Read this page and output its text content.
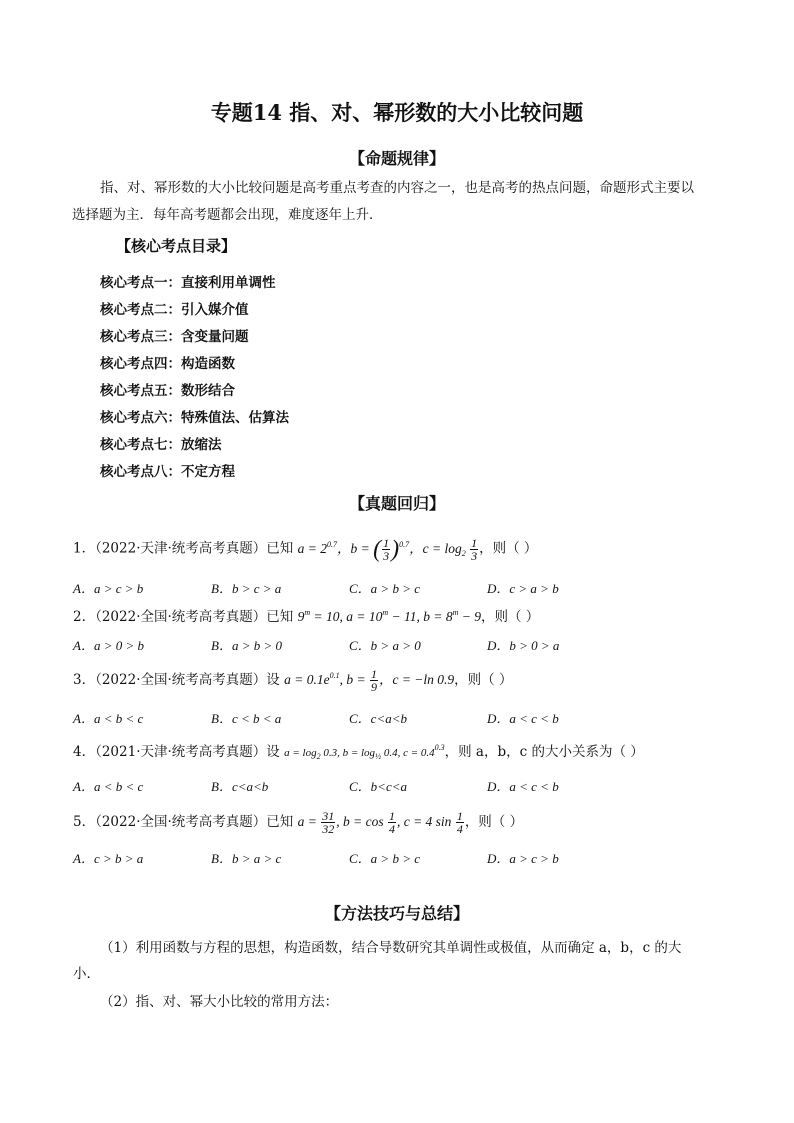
专题14 指、对、幂形数的大小比较问题
【命题规律】
指、对、幂形数的大小比较问题是高考重点考查的内容之一，也是高考的热点问题，命题形式主要以
选择题为主．每年高考题都会出现，难度逐年上升．
【核心考点目录】
核心考点一：直接利用单调性
核心考点二：引入媒介值
核心考点三：含变量问题
核心考点四：构造函数
核心考点五：数形结合
核心考点六：特殊值法、估算法
核心考点七：放缩法
核心考点八：不定方程
【真题回归】
1．（2022·天津·统考高考真题）已知 $a = 2^{0.7}$，b = ( $\frac{1}{3} )^{0.7}$，$c = \log_2 \frac{1}{3}$ ，则（ ）
A．a > c > b	B．b > c > a	C．a > b > c	D．c > a > b
2．（2022·全国·统考高考真题）已知 $9^m = 10$, $a = 10^m - 11$, $b = 8^m - 9$，则（ ）
A．a > 0 > b	B．a > b > 0	C．b > a > 0	D．b > 0 > a
3．（2022·全国·统考高考真题）设 $a = 0.1e^{0.1}$, $b = \frac{1}{9}$ ，c = −ln 0.9，则（ ）
A．a < b < c	B．c < b < a	C．c<a<b	D．a < c < b
4．（2021·天津·统考高考真题）设 $a = \log_2 0.3$, $b = \log_{\frac{1}{2}} 0.4$, $c = 0.4^{0.3}$，则 a，b，c 的大小关系为（ ）
A．a < b < c	B．c<a<b	C．b<c<a	D．a < c < b
5．（2022·全国·统考高考真题）已知 $a = \frac{31}{32}$ , $b = \cos \frac{1}{4}$ , c = 4 $\sin \frac{1}{4}$ ，则（ ）
A．c > b > a	B．b > a > c	C．a > b > c	D．a > c > b
【方法技巧与总结】
（1）利用函数与方程的思想，构造函数，结合导数研究其单调性或极值，从而确定 a，b，c 的大
小．
（2）指、对、幂大小比较的常用方法：
